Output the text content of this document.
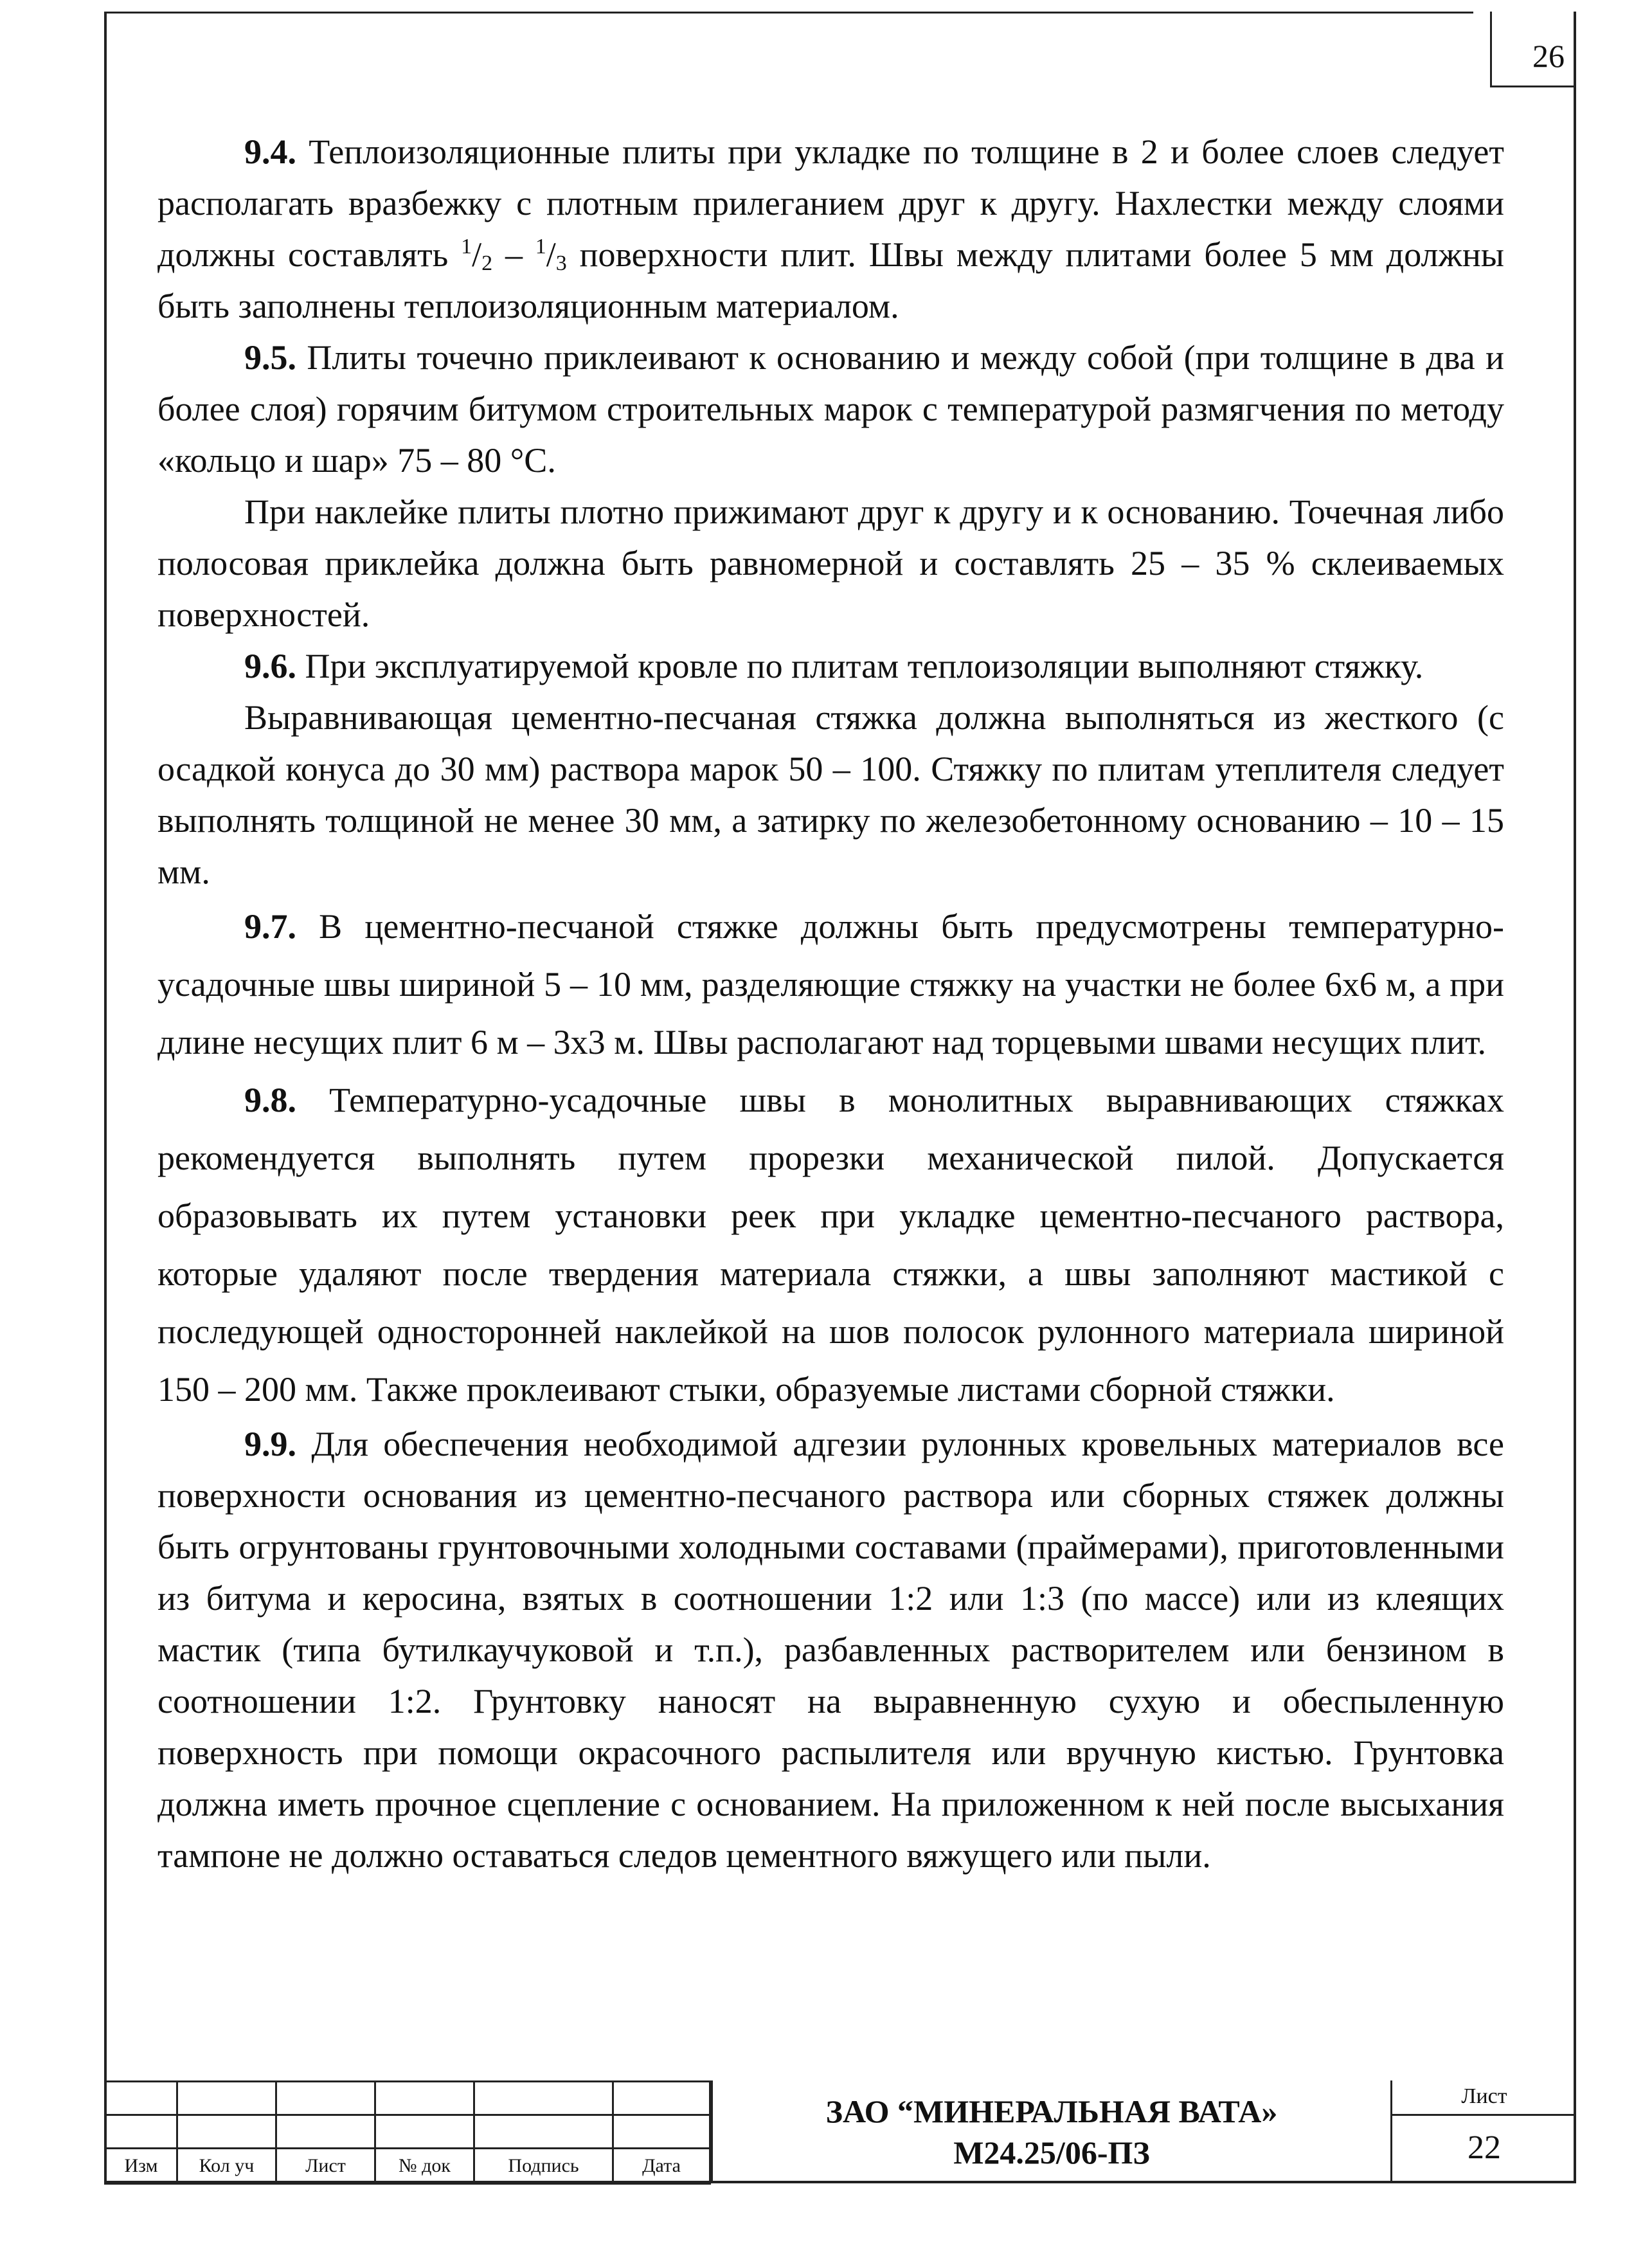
26

9.4. Теплоизоляционные плиты при укладке по толщине в 2 и более слоев следует располагать вразбежку с плотным прилеганием друг к другу. Нахлестки между слоями должны составлять $^1/_2 - ^1/_3$ поверхности плит. Швы между плитами более 5 мм должны быть заполнены теплоизоляционным материалом.

9.5. Плиты точечно приклеивают к основанию и между собой (при толщине в два и более слоя) горячим битумом строительных марок с температурой размягчения по методу «кольцо и шар» 75 – 80 °С.

При наклейке плиты плотно прижимают друг к другу и к основанию. Точечная либо полосовая приклейка должна быть равномерной и составлять 25 – 35 % склеиваемых поверхностей.

9.6. При эксплуатируемой кровле по плитам теплоизоляции выполняют стяжку.

Выравнивающая цементно-песчаная стяжка должна выполняться из жесткого (с осадкой конуса до 30 мм) раствора марок 50 – 100. Стяжку по плитам утеплителя следует выполнять толщиной не менее 30 мм, а затирку по железобетонному основанию – 10 – 15 мм.

9.7. В цементно-песчаной стяжке должны быть предусмотрены температурно-усадочные швы шириной 5 – 10 мм, разделяющие стяжку на участки не более 6х6 м, а при длине несущих плит 6 м – 3х3 м. Швы располагают над торцевыми швами несущих плит.

9.8. Температурно-усадочные швы в монолитных выравнивающих стяжках рекомендуется выполнять путем прорезки механической пилой. Допускается образовывать их путем установки реек при укладке цементно-песчаного раствора, которые удаляют после твердения материала стяжки, а швы заполняют мастикой с последующей односторонней наклейкой на шов полосок рулонного материала шириной 150 – 200 мм. Также проклеивают стыки, образуемые листами сборной стяжки.

9.9. Для обеспечения необходимой адгезии рулонных кровельных материалов все поверхности основания из цементно-песчаного раствора или сборных стяжек должны быть огрунтованы грунтовочными холодными составами (праймерами), приготовленными из битума и керосина, взятых в соотношении 1:2 или 1:3 (по массе) или из клеящих мастик (типа бутилкаучуковой и т.п.), разбавленных растворителем или бензином в соотношении 1:2. Грунтовку наносят на выравненную сухую и обеспыленную поверхность при помощи окрасочного распылителя или вручную кистью. Грунтовка должна иметь прочное сцепление с основанием. На приложенном к ней после высыхания тампоне не должно оставаться следов цементного вяжущего или пыли.

Изм	Кол уч	Лист	№ док	Подпись	Дата
ЗАО “МИНЕРАЛЬНАЯ ВАТА»
М24.25/06-ПЗ
Лист
22
